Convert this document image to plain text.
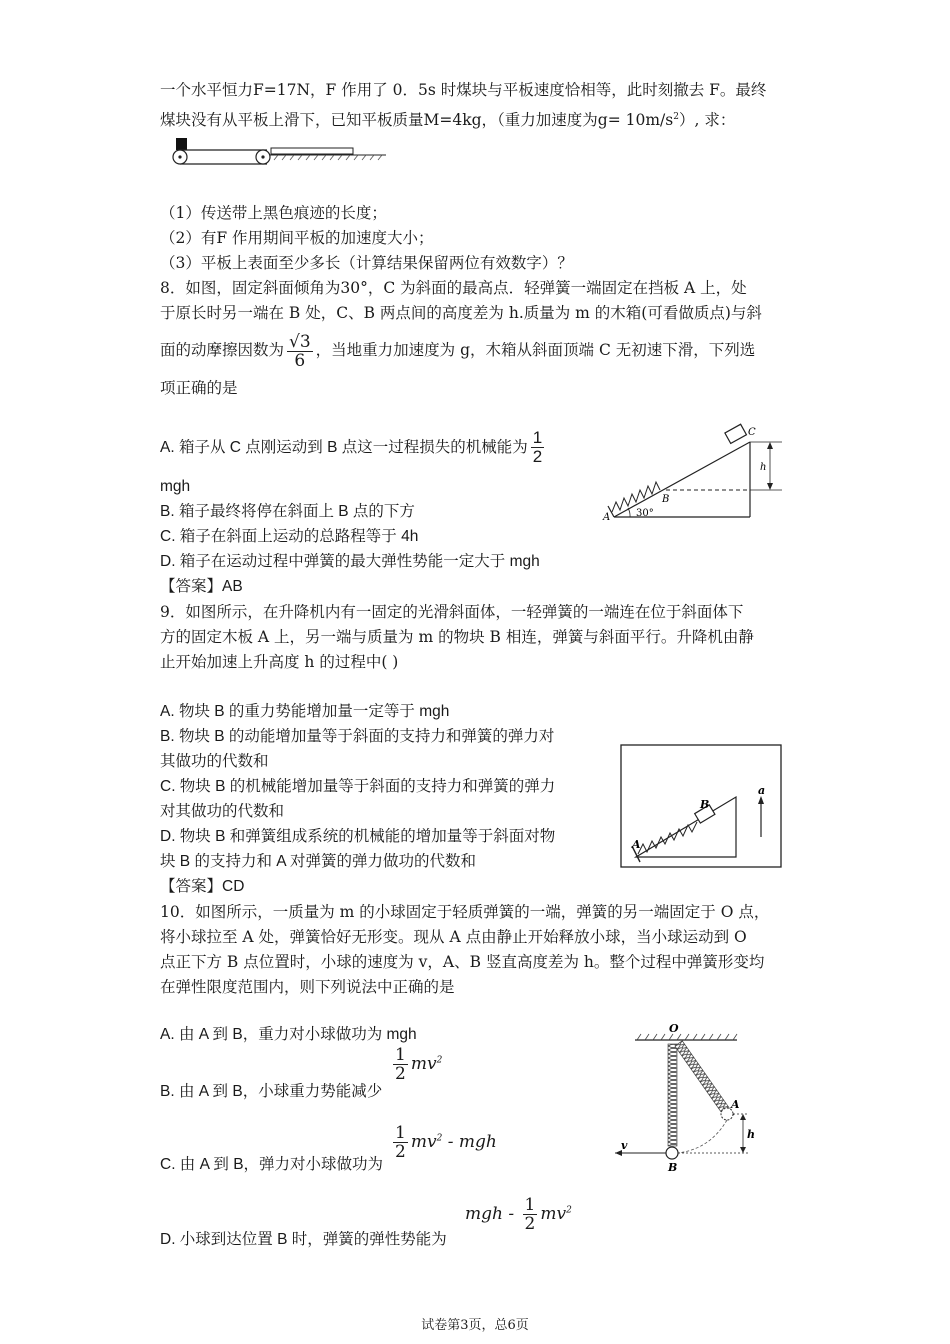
一个水平恒力F=17N，F 作用了 0．5s 时煤块与平板速度恰相等，此时刻撤去 F。最终
煤块没有从平板上滑下，已知平板质量M=4kg，（重力加速度为$g= 10m/s^2$）, 求：
（1）传送带上黑色痕迹的长度；
（2）有F 作用期间平板的加速度大小；
（3）平板上表面至少多长（计算结果保留两位有效数字）？
8．如图，固定斜面倾角为30°，C 为斜面的最高点．轻弹簧一端固定在挡板 A 上，处
于原长时另一端在 B 处，C、B 两点间的高度差为 h.质量为 m 的木箱(可看做质点)与斜
面的动摩擦因数为 $\frac{√3}{6}$ ，当地重力加速度为 g，木箱从斜面顶端 C 无初速下滑，下列选
项正确的是
A. 箱子从 C 点刚运动到 B 点这一过程损失的机械能为 $\frac{1}{2}$
mgh
B. 箱子最终将停在斜面上 B 点的下方
C. 箱子在斜面上运动的总路程等于 4h
D. 箱子在运动过程中弹簧的最大弹性势能一定大于 mgh
【答案】AB
C
h
B
A	30°
9．如图所示，在升降机内有一固定的光滑斜面体，一轻弹簧的一端连在位于斜面体下
方的固定木板 A 上，另一端与质量为 m 的物块 B 相连，弹簧与斜面平行。升降机由静
止开始加速上升高度 h 的过程中( )
A. 物块 B 的重力势能增加量一定等于 mgh
B. 物块 B 的动能增加量等于斜面的支持力和弹簧的弹力对
其做功的代数和
C. 物块 B 的机械能增加量等于斜面的支持力和弹簧的弹力
对其做功的代数和
D. 物块 B 和弹簧组成系统的机械能的增加量等于斜面对物
块 B 的支持力和 A 对弹簧的弹力做功的代数和
【答案】CD
B
A
a
10．如图所示，一质量为 m 的小球固定于轻质弹簧的一端，弹簧的另一端固定于 O 点，
将小球拉至 A 处，弹簧恰好无形变。现从 A 点由静止开始释放小球，当小球运动到 O
点正下方 B 点位置时，小球的速度为 v，A、B 竖直高度差为 h。整个过程中弹簧形变均
在弹性限度范围内，则下列说法中正确的是
A. 由 A 到 B，重力对小球做功为 mgh
$\frac{1}{2} mv^2$
B. 由 A 到 B，小球重力势能减少
$\frac{1}{2} mv^2$ - mgh
C. 由 A 到 B，弹力对小球做功为
mgh - $\frac{1}{2} mv^2$
D. 小球到达位置 B 时，弹簧的弹性势能为
O
A
h
B
v
试卷第3页，总6页
